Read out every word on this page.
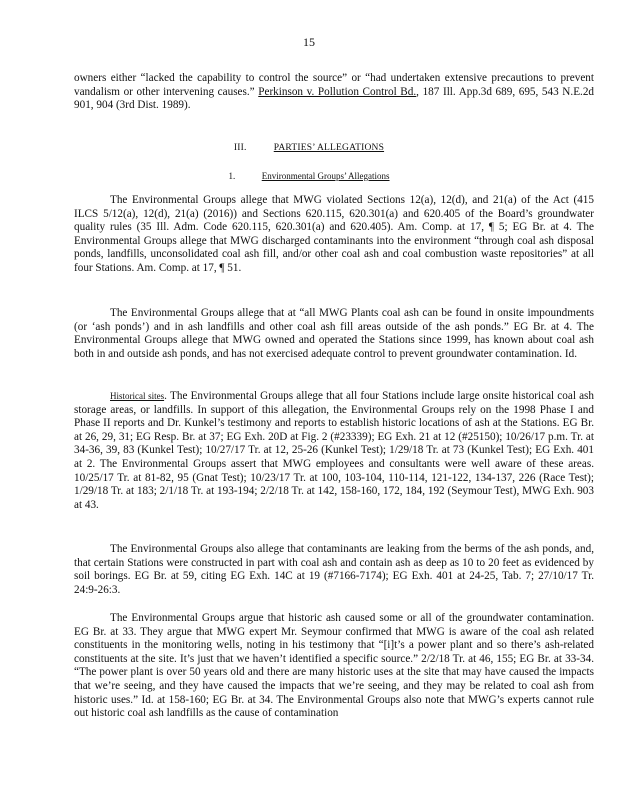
15
owners either “lacked the capability to control the source” or “had undertaken extensive precautions to prevent vandalism or other intervening causes.” Perkinson v. Pollution Control Bd., 187 Ill. App.3d 689, 695, 543 N.E.2d 901, 904 (3rd Dist. 1989).
III.	PARTIES’ ALLEGATIONS
1.	Environmental Groups’ Allegations
The Environmental Groups allege that MWG violated Sections 12(a), 12(d), and 21(a) of the Act (415 ILCS 5/12(a), 12(d), 21(a) (2016)) and Sections 620.115, 620.301(a) and 620.405 of the Board’s groundwater quality rules (35 Ill. Adm. Code 620.115, 620.301(a) and 620.405). Am. Comp. at 17, ¶ 5; EG Br. at 4. The Environmental Groups allege that MWG discharged contaminants into the environment “through coal ash disposal ponds, landfills, unconsolidated coal ash fill, and/or other coal ash and coal combustion waste repositories” at all four Stations. Am. Comp. at 17, ¶ 51.
The Environmental Groups allege that at “all MWG Plants coal ash can be found in onsite impoundments (or ‘ash ponds’) and in ash landfills and other coal ash fill areas outside of the ash ponds.” EG Br. at 4. The Environmental Groups allege that MWG owned and operated the Stations since 1999, has known about coal ash both in and outside ash ponds, and has not exercised adequate control to prevent groundwater contamination. Id.
Historical sites. The Environmental Groups allege that all four Stations include large onsite historical coal ash storage areas, or landfills. In support of this allegation, the Environmental Groups rely on the 1998 Phase I and Phase II reports and Dr. Kunkel’s testimony and reports to establish historic locations of ash at the Stations. EG Br. at 26, 29, 31; EG Resp. Br. at 37; EG Exh. 20D at Fig. 2 (#23339); EG Exh. 21 at 12 (#25150); 10/26/17 p.m. Tr. at 34-36, 39, 83 (Kunkel Test); 10/27/17 Tr. at 12, 25-26 (Kunkel Test); 1/29/18 Tr. at 73 (Kunkel Test); EG Exh. 401 at 2. The Environmental Groups assert that MWG employees and consultants were well aware of these areas. 10/25/17 Tr. at 81-82, 95 (Gnat Test); 10/23/17 Tr. at 100, 103-104, 110-114, 121-122, 134-137, 226 (Race Test); 1/29/18 Tr. at 183; 2/1/18 Tr. at 193-194; 2/2/18 Tr. at 142, 158-160, 172, 184, 192 (Seymour Test), MWG Exh. 903 at 43.
The Environmental Groups also allege that contaminants are leaking from the berms of the ash ponds, and, that certain Stations were constructed in part with coal ash and contain ash as deep as 10 to 20 feet as evidenced by soil borings. EG Br. at 59, citing EG Exh. 14C at 19 (#7166-7174); EG Exh. 401 at 24-25, Tab. 7; 27/10/17 Tr. 24:9-26:3.
The Environmental Groups argue that historic ash caused some or all of the groundwater contamination. EG Br. at 33. They argue that MWG expert Mr. Seymour confirmed that MWG is aware of the coal ash related constituents in the monitoring wells, noting in his testimony that “[i]t’s a power plant and so there’s ash-related constituents at the site. It’s just that we haven’t identified a specific source.” 2/2/18 Tr. at 46, 155; EG Br. at 33-34. “The power plant is over 50 years old and there are many historic uses at the site that may have caused the impacts that we’re seeing, and they have caused the impacts that we’re seeing, and they may be related to coal ash from historic uses.” Id. at 158-160; EG Br. at 34. The Environmental Groups also note that MWG’s experts cannot rule out historic coal ash landfills as the cause of contamination
